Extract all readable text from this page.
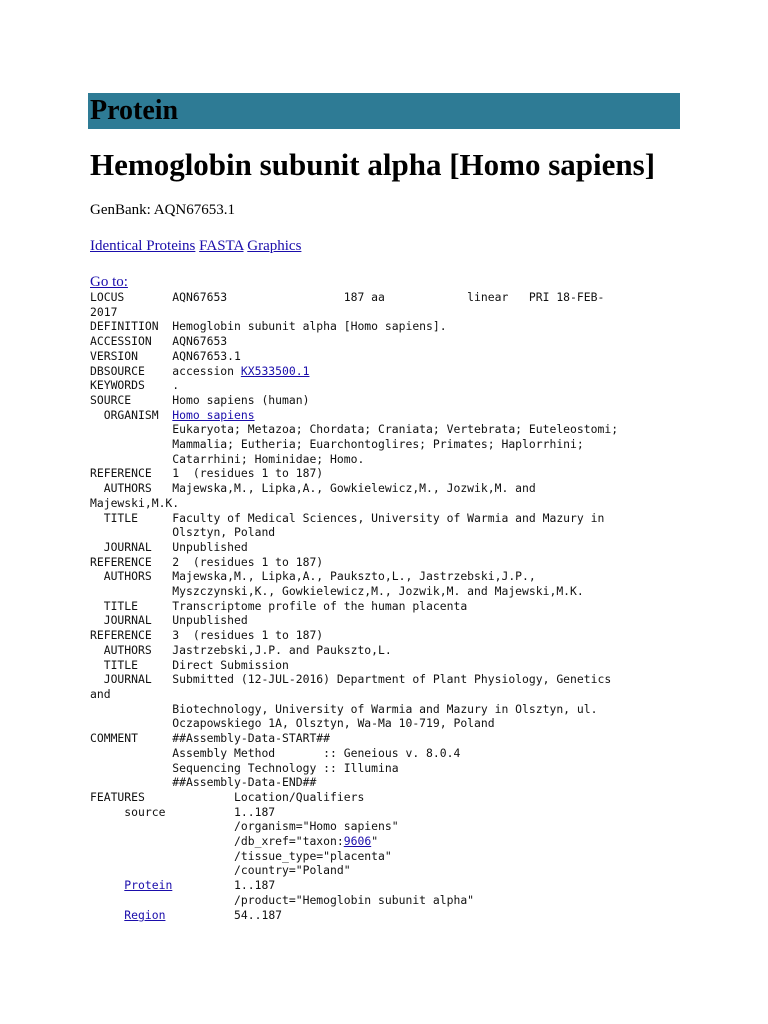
Protein
Hemoglobin subunit alpha [Homo sapiens]
GenBank: AQN67653.1
Identical Proteins FASTA Graphics
Go to:
LOCUS       AQN67653                 187 aa            linear   PRI 18-FEB-
2017
DEFINITION  Hemoglobin subunit alpha [Homo sapiens].
ACCESSION   AQN67653
VERSION     AQN67653.1
DBSOURCE    accession KX533500.1
KEYWORDS    .
SOURCE      Homo sapiens (human)
ORGANISM  Homo sapiens
Eukaryota; Metazoa; Chordata; Craniata; Vertebrata; Euteleostomi;
Mammalia; Eutheria; Euarchontoglires; Primates; Haplorrhini;
Catarrhini; Hominidae; Homo.
REFERENCE   1  (residues 1 to 187)
AUTHORS   Majewska,M., Lipka,A., Gowkielewicz,M., Jozwik,M. and
Majewski,M.K.
TITLE     Faculty of Medical Sciences, University of Warmia and Mazury in
Olsztyn, Poland
JOURNAL   Unpublished
REFERENCE   2  (residues 1 to 187)
AUTHORS   Majewska,M., Lipka,A., Paukszto,L., Jastrzebski,J.P.,
Myszczynski,K., Gowkielewicz,M., Jozwik,M. and Majewski,M.K.
TITLE     Transcriptome profile of the human placenta
JOURNAL   Unpublished
REFERENCE   3  (residues 1 to 187)
AUTHORS   Jastrzebski,J.P. and Paukszto,L.
TITLE     Direct Submission
JOURNAL   Submitted (12-JUL-2016) Department of Plant Physiology, Genetics
and
Biotechnology, University of Warmia and Mazury in Olsztyn, ul.
Oczapowskiego 1A, Olsztyn, Wa-Ma 10-719, Poland
COMMENT     ##Assembly-Data-START##
Assembly Method       :: Geneious v. 8.0.4
Sequencing Technology :: Illumina
##Assembly-Data-END##
FEATURES             Location/Qualifiers
source          1..187
/organism="Homo sapiens"
/db_xref="taxon:9606"
/tissue_type="placenta"
/country="Poland"
Protein	1..187
/product="Hemoglobin subunit alpha"
Region          54..187
